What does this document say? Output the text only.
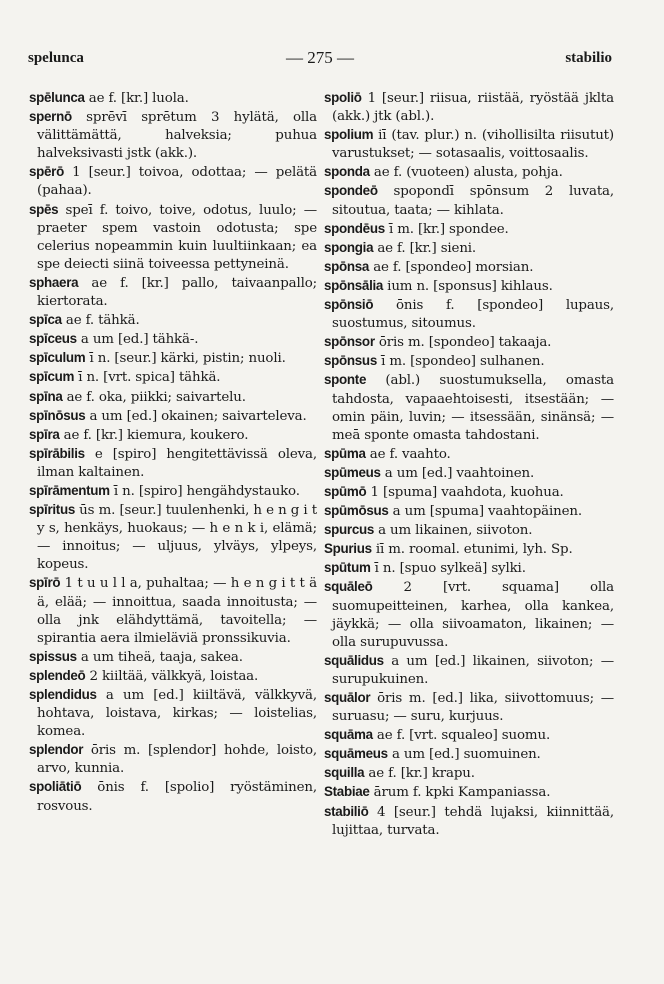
spelunca	— 275 —	stabilio

spēlunca ae f. [kr.] luola.

spernō sprēvī sprētum 3 hylätä, olla välittämättä, halveksia; puhua halveksivasti jstk (akk.).

spērō 1 [seur.] toivoa, odottaa; — pelätä (pahaa).

spēs speī f. toivo, toive, odotus, luulo; — praeter spem vastoin odotusta; spe celerius nopeammin kuin luultiinkaan; ea spe deiecti siinä toiveessa pettyneinä.

sphaera ae f. [kr.] pallo, taivaanpallo; kiertorata.

spīca ae f. tähkä.

spīceus a um [ed.] tähkä-.

spīculum ī n. [seur.] kärki, pistin; nuoli.

spīcum ī n. [vrt. spica] tähkä.

spīna ae f. oka, piikki; saivartelu.

spīnōsus a um [ed.] okainen; saivarteleva.

spīra ae f. [kr.] kiemura, koukero.

spīrābilis e [spiro] hengitettävissä oleva, ilman kaltainen.

spīrāmentum ī n. [spiro] hengähdystauko.

spīritus ūs m. [seur.] tuulenhenki, h e n g i t y s, henkäys, huokaus; — h e n k i, elämä; — innoitus; — uljuus, ylväys, ylpeys, kopeus.

spīrō 1 t u u l l a, puhaltaa; — h e n g i t t ä ä, elää; — innoittua, saada innoitusta; — olla jnk elähdyttämä, tavoitella; — spirantia aera ilmieläviä pronssikuvia.

spissus a um tiheä, taaja, sakea.

splendeō 2 kiiltää, välkkyä, loistaa.

splendidus a um [ed.] kiiltävä, välkkyvä, hohtava, loistava, kirkas; — loistelias, komea.

splendor ōris m. [splendor] hohde, loisto, arvo, kunnia.

spoliātiō ōnis f. [spolio] ryöstäminen, rosvous.

spoliō 1 [seur.] riisua, riistää, ryöstää jklta (akk.) jtk (abl.).

spolium iī (tav. plur.) n. (vihollisilta riisutut) varustukset; — sotasaalis, voittosaalis.

sponda ae f. (vuoteen) alusta, pohja.

spondeō spopondī spōnsum 2 luvata, sitoutua, taata; — kihlata.

spondēus ī m. [kr.] spondee.

spongia ae f. [kr.] sieni.

spōnsa ae f. [spondeo] morsian.

spōnsālia ium n. [sponsus] kihlaus.

spōnsiō ōnis f. [spondeo] lupaus, suostumus, sitoumus.

spōnsor ōris m. [spondeo] takaaja.

spōnsus ī m. [spondeo] sulhanen.

sponte (abl.) suostumuksella, omasta tahdosta, vapaaehtoisesti, itsestään; — omin päin, luvin; — itsessään, sinänsä; — meā sponte omasta tahdostani.

spūma ae f. vaahto.

spūmeus a um [ed.] vaahtoinen.

spūmō 1 [spuma] vaahdota, kuohua.

spūmōsus a um [spuma] vaahtopäinen.

spurcus a um likainen, siivoton.

Spurius iī m. roomal. etunimi, lyh. Sp.

spūtum ī n. [spuo sylkeä] sylki.

squāleō 2 [vrt. squama] olla suomupeitteinen, karhea, olla kankea, jäykkä; — olla siivoamaton, likainen; — olla surupuvussa.

squālidus a um [ed.] likainen, siivoton; — surupukuinen.

squālor ōris m. [ed.] lika, siivottomuus; — suruasu; — suru, kurjuus.

squāma ae f. [vrt. squaleo] suomu.

squāmeus a um [ed.] suomuinen.

squilla ae f. [kr.] krapu.

Stabiae ārum f. kpki Kampaniassa.

stabiliō 4 [seur.] tehdä lujaksi, kiinnittää, lujittaa, turvata.
